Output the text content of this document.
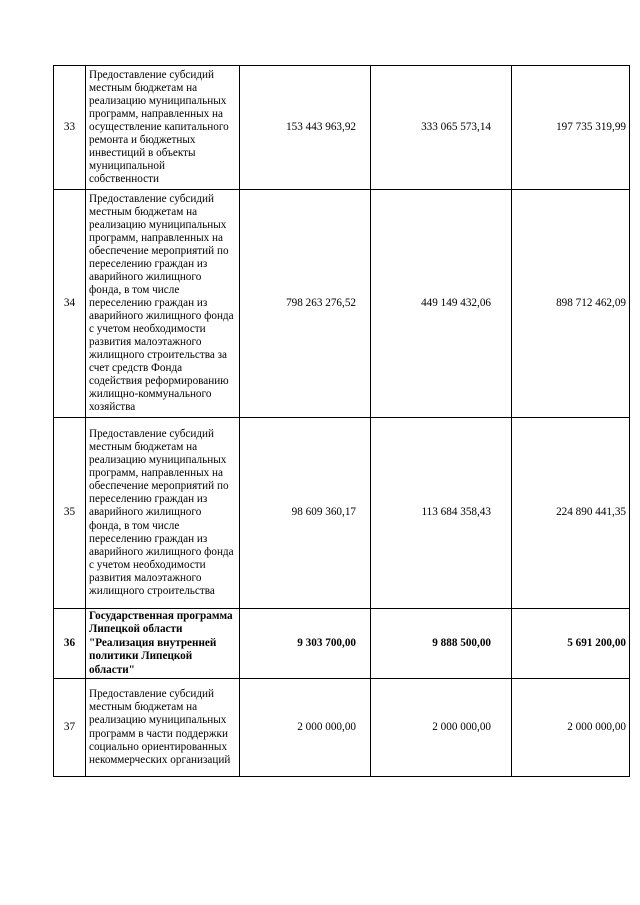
33	Предоставление субсидий местным бюджетам на реализацию муниципальных программ, направленных на осуществление капитального ремонта и бюджетных инвестиций в объекты муниципальной собственности	153 443 963,92	333 065 573,14	197 735 319,99
34	Предоставление субсидий местным бюджетам на реализацию муниципальных программ, направленных на обеспечение мероприятий по переселению граждан из аварийного жилищного фонда, в том числе переселению граждан из аварийного жилищного фонда с учетом необходимости развития малоэтажного жилищного строительства за счет средств Фонда содействия реформированию жилищно-коммунального хозяйства	798 263 276,52	449 149 432,06	898 712 462,09
35	Предоставление субсидий местным бюджетам на реализацию муниципальных программ, направленных на обеспечение мероприятий по переселению граждан из аварийного жилищного фонда, в том числе переселению граждан из аварийного жилищного фонда с учетом необходимости развития малоэтажного жилищного строительства	98 609 360,17	113 684 358,43	224 890 441,35
36	Государственная программа Липецкой области "Реализация внутренней политики Липецкой области"	9 303 700,00	9 888 500,00	5 691 200,00
37	Предоставление субсидий местным бюджетам на реализацию муниципальных программ в части поддержки социально ориентированных некоммерческих организаций	2 000 000,00	2 000 000,00	2 000 000,00
